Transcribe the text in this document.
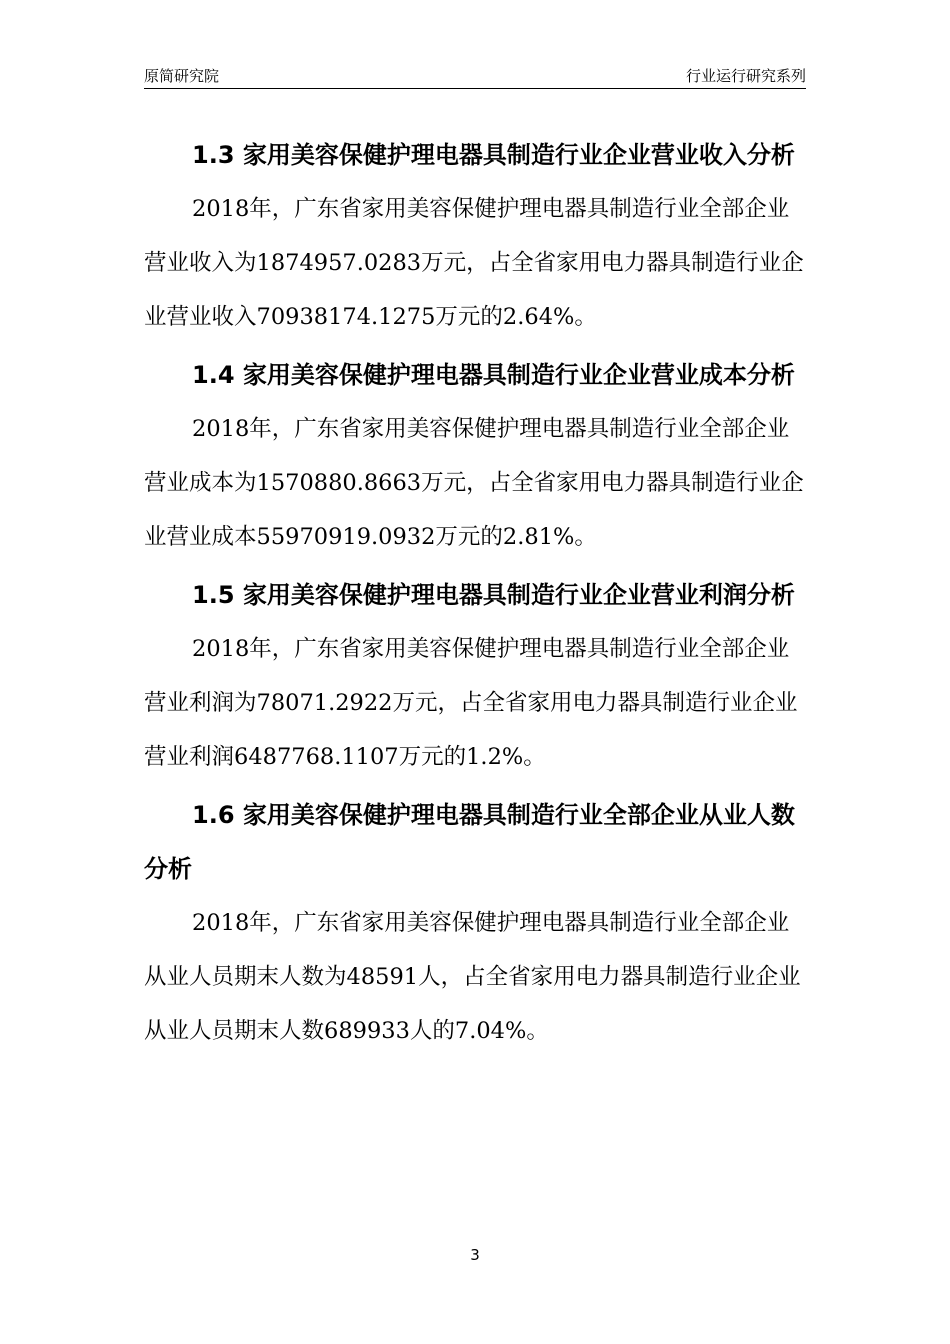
原简研究院	行业运行研究系列
1.3 家用美容保健护理电器具制造行业企业营业收入分析

2018年，广东省家用美容保健护理电器具制造行业全部企业营业收入为1874957.0283万元，占全省家用电力器具制造行业企业营业收入70938174.1275万元的2.64%。

1.4 家用美容保健护理电器具制造行业企业营业成本分析

2018年，广东省家用美容保健护理电器具制造行业全部企业营业成本为1570880.8663万元，占全省家用电力器具制造行业企业营业成本55970919.0932万元的2.81%。

1.5 家用美容保健护理电器具制造行业企业营业利润分析

2018年，广东省家用美容保健护理电器具制造行业全部企业营业利润为78071.2922万元，占全省家用电力器具制造行业企业营业利润6487768.1107万元的1.2%。

1.6 家用美容保健护理电器具制造行业全部企业从业人数分析

2018年，广东省家用美容保健护理电器具制造行业全部企业从业人员期末人数为48591人，占全省家用电力器具制造行业企业从业人员期末人数689933人的7.04%。

3
